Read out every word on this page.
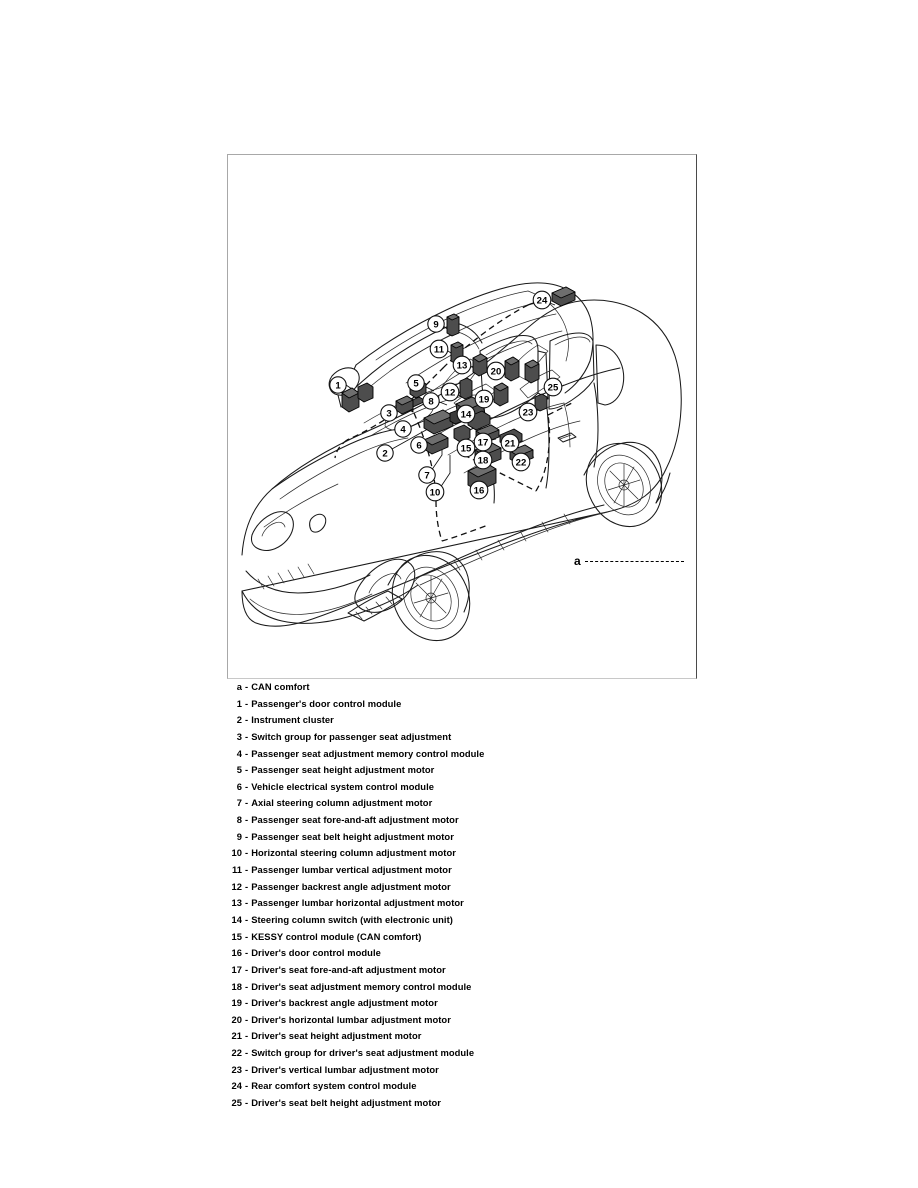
1
2
3
4
5
6
7
8
9
10
11
12
13
14
15
16
17
18
19
20
21
22
23
24
25
a
a - CAN comfort
1 - Passenger's door control module
2 - Instrument cluster
3 - Switch group for passenger seat adjustment
4 - Passenger seat adjustment memory control module
5 - Passenger seat height adjustment motor
6 - Vehicle electrical system control module
7 - Axial steering column adjustment motor
8 - Passenger seat fore-and-aft adjustment motor
9 - Passenger seat belt height adjustment motor
10 - Horizontal steering column adjustment motor
11 - Passenger lumbar vertical adjustment motor
12 - Passenger backrest angle adjustment motor
13 - Passenger lumbar horizontal adjustment motor
14 - Steering column switch (with electronic unit)
15 - KESSY control module (CAN comfort)
16 - Driver's door control module
17 - Driver's seat fore-and-aft adjustment motor
18 - Driver's seat adjustment memory control module
19 - Driver's backrest angle adjustment motor
20 - Driver's horizontal lumbar adjustment motor
21 - Driver's seat height adjustment motor
22 - Switch group for driver's seat adjustment module
23 - Driver's vertical lumbar adjustment motor
24 - Rear comfort system control module
25 - Driver's seat belt height adjustment motor
